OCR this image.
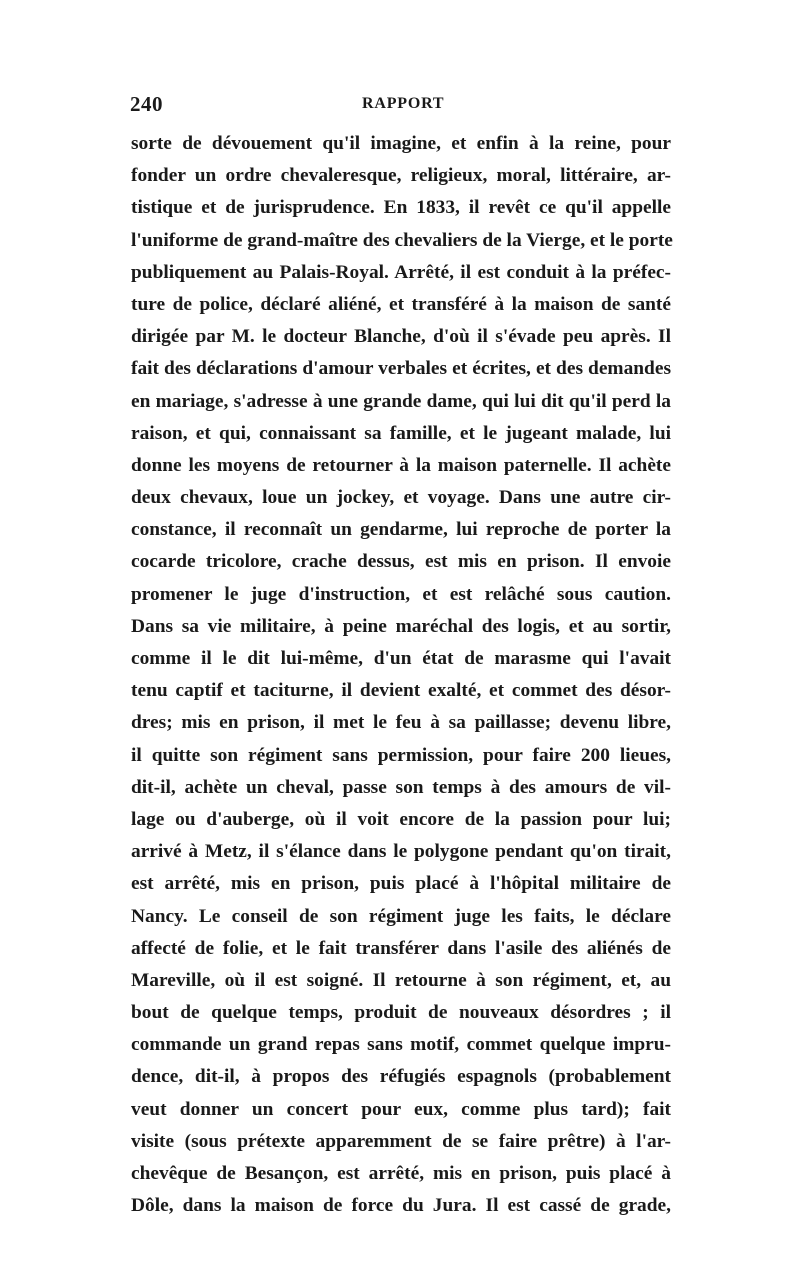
240	RAPPORT
sorte de dévouement qu'il imagine, et enfin à la reine, pour
fonder un ordre chevaleresque, religieux, moral, littéraire, ar-
tistique et de jurisprudence. En 1833, il revêt ce qu'il appelle
l'uniforme de grand-maître des chevaliers de la Vierge, et le porte
publiquement au Palais-Royal. Arrêté, il est conduit à la préfec-
ture de police, déclaré aliéné, et transféré à la maison de santé
dirigée par M. le docteur Blanche, d'où il s'évade peu après. Il
fait des déclarations d'amour verbales et écrites, et des demandes
en mariage, s'adresse à une grande dame, qui lui dit qu'il perd la
raison, et qui, connaissant sa famille, et le jugeant malade, lui
donne les moyens de retourner à la maison paternelle. Il achète
deux chevaux, loue un jockey, et voyage. Dans une autre cir-
constance, il reconnaît un gendarme, lui reproche de porter la
cocarde tricolore, crache dessus, est mis en prison. Il envoie
promener le juge d'instruction, et est relâché sous caution.
Dans sa vie militaire, à peine maréchal des logis, et au sortir,
comme il le dit lui-même, d'un état de marasme qui l'avait
tenu captif et taciturne, il devient exalté, et commet des désor-
dres; mis en prison, il met le feu à sa paillasse; devenu libre,
il quitte son régiment sans permission, pour faire 200 lieues,
dit-il, achète un cheval, passe son temps à des amours de vil-
lage ou d'auberge, où il voit encore de la passion pour lui;
arrivé à Metz, il s'élance dans le polygone pendant qu'on tirait,
est arrêté, mis en prison, puis placé à l'hôpital militaire de
Nancy. Le conseil de son régiment juge les faits, le déclare
affecté de folie, et le fait transférer dans l'asile des aliénés de
Mareville, où il est soigné. Il retourne à son régiment, et, au
bout de quelque temps, produit de nouveaux désordres ; il
commande un grand repas sans motif, commet quelque impru-
dence, dit-il, à propos des réfugiés espagnols (probablement
veut donner un concert pour eux, comme plus tard); fait
visite (sous prétexte apparemment de se faire prêtre) à l'ar-
chevêque de Besançon, est arrêté, mis en prison, puis placé à
Dôle, dans la maison de force du Jura. Il est cassé de grade,
